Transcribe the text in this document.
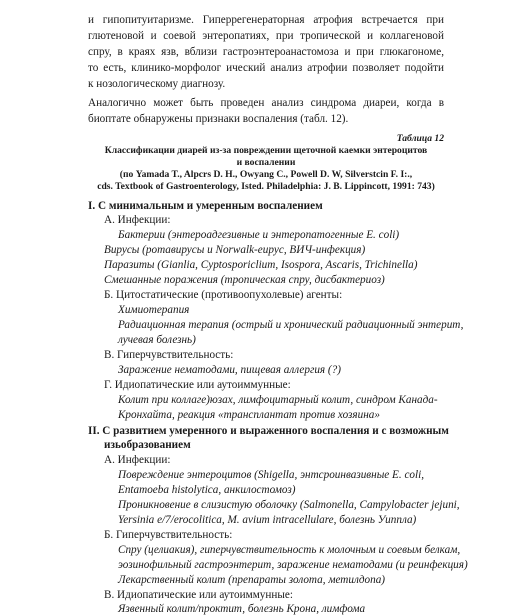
и гипопитуитаризме. Гиперрегенераторная атрофия встречается при
глютеновой и соевой энтеропатиях, при тропической и коллагеновой
спру, в краях язв, вблизи гастроэнтероанастомоза и при глюкагономе,
то есть, клинико-морфолог ический анализ атрофии позволяет подойти
к нозологическому диагнозу.
Аналогично может быть проведен анализ синдрома диареи, когда в
биоптате обнаружены признаки воспаления (табл. 12).
Таблица 12
Классификации диарей из-за повреждении щеточной каемки энтероцитов
и воспалении
(по Yamada T., Alpcrs D. H., Owyang C., Powell D. W, Silverstcin F. I:.,
cds. Textbook of Gastroenterology, Isted. Philadelphia: J. B. Lippincott, 1991: 743)
I. С минимальным и умеренным воспалением
А. Инфекции:
Бактерии (энтероадгезивные и энтеропатогенные E. coli)
Вирусы (ротавирусы и Norwalk-eupyc, ВИЧ-инфекция)
Паразиты (Gianlia, Cyptosporiclium, Isospora, Ascaris, Trichinella)
Смешанные поражения (тропическая спру, дисбактериоз)
Б. Цитостатические (противоопухолевые) агенты:
Химиотерапия
Радиационная терапия (острый и хронический радиационный энтерит,
лучевая болезнь)
В. Гиперчувствительность:
Заражение нематодами, пищевая аллергия (?)
Г. Идиопатические или аутоиммунные:
Колит при коллаге)юзах, лимфоцитарный колит, синдром Канада-
Кронхайта, реакция «трансплантат против хозяина»
II. С развитием умеренного и выраженного воспаления и с возможным
изьобразованием
А. Инфекции:
Повреждение энтероцитов (Shigella, энтсроинвазивные E. coli,
Entamoeba histolytica, анкилостомоз)
Проникновение в слизистую оболочку (Salmonella, Campylobacter jejuni,
Yersinia e/7/erocolitica, M. avium intracellulare, болезнь Уиппла)
Б. Гиперчувствительность:
Спру (целиакия), гиперчувствительность к молочным и соевым белкам,
эозинофильный гастроэнтерит, заражение нематодами (и реинфекция)
Лекарственный колит (препараты золота, метилдопа)
В. Идиопатические или аутоиммунные:
Язвенный колит/проктит, болезнь Крона, лимфома
